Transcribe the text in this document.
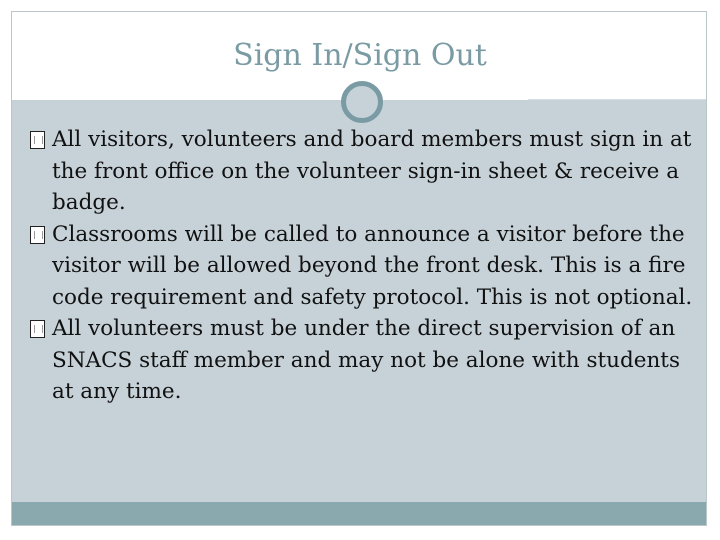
Sign In/Sign Out
All visitors, volunteers and board members must sign in at the front office on the volunteer sign-in sheet & receive a badge.
Classrooms will be called to announce a visitor before the visitor will be allowed beyond the front desk. This is a fire code requirement and safety protocol. This is not optional.
All volunteers must be under the direct supervision of an SNACS staff member and may not be alone with students at any time.
